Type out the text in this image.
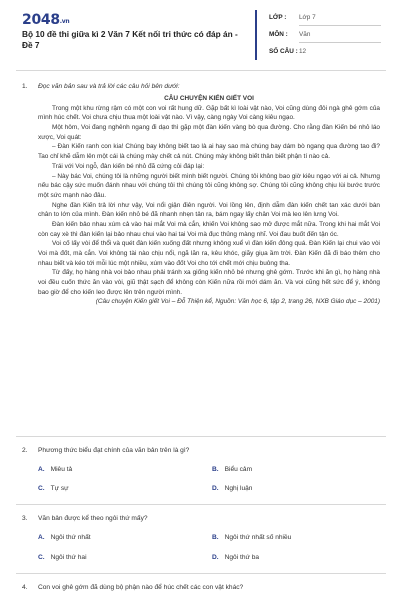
2048.vn
Bộ 10 đề thi giữa kì 2 Văn 7 Kết nối tri thức có đáp án - Đề 7
LỚP : Lớp 7
MÔN : Văn
SỐ CÂU : 12
1. Đọc văn bản sau và trả lời các câu hỏi bên dưới:
CÂU CHUYỆN KIẾN GIẾT VOI

Trong một khu rừng rậm có một con voi rất hung dữ. Gặp bất kì loài vật nào, Voi cũng dùng đôi ngà ghê gớm của mình húc chết. Voi chưa chịu thua một loài vật nào. Vì vậy, càng ngày Voi càng kiêu ngạo.

Một hôm, Voi đang nghênh ngang đi dạo thì gặp một đàn kiến vàng bò qua đường. Cho rằng đàn Kiến bé nhỏ láo xược, Voi quát:

– Đàn Kiến ranh con kia! Chúng bay không biết tao là ai hay sao mà chúng bay dám bò ngang qua đường tao đi? Tao chỉ khẽ dẫm lên một cái là chúng mày chết cả nút. Chúng mày không biết thân biết phận tí nào cả.

Trái với Voi ngỗ, đàn kiến bé nhỏ đã cứng cỏi đáp lại:

– Này bác Voi, chúng tôi là những người biết mình biết người. Chúng tôi không bao giờ kiêu ngạo với ai cả. Nhưng nếu bác cậy sức muốn đánh nhau với chúng tôi thì chúng tôi cũng không sợ. Chúng tôi cũng không chịu lùi bước trước một sức mạnh nào đâu.

Nghe đàn Kiến trả lời như vậy, Voi nổi giận điên người. Voi lồng lên, định dẫm đàn kiến chết tan xác dưới bàn chân to lớn của mình. Đàn kiến nhỏ bé đã nhanh nhẹn tản ra, bám ngay lấy chân Voi mà leo lên lưng Voi.

Đàn kiến bảo nhau xúm cả vào hai mắt Voi mà cắn, khiến Voi không sao mở được mắt nữa. Trong khi hai mắt Voi còn cay xè thì đàn kiến lại bảo nhau chui vào hai tai Voi mà đục thủng màng nhĩ. Voi đau buốt đến tận óc.

Voi cố lấy vòi để thổi và quét đàn kiến xuống đất nhưng không xuể vì đàn kiến đông quá. Đàn Kiến lại chui vào vòi Voi mà đốt, mà cắn. Voi không tài nào chịu nổi, ngã lăn ra, kêu khóc, giãy giụa ầm trời. Đàn Kiến đã đi báo thêm cho nhau biết và kéo tới mỗi lúc một nhiều, xúm vào đốt Voi cho tới chết mới chịu buông tha.

Từ đấy, họ hàng nhà voi bảo nhau phải tránh xa giống kiến nhỏ bé nhưng ghê gớm. Trước khi ăn gì, họ hàng nhà voi đều cuốn thức ăn vào vòi, giũ thật sạch để không còn Kiến nữa rồi mới dám ăn. Và voi cũng hết sức để ý, không bao giờ để cho kiến leo được lên trên người mình.

(Câu chuyện Kiến giết Voi – Đỗ Thiện kể, Nguồn: Văn học 6, tập 2, trang 26, NXB Giáo dục – 2001)

2. Phương thức biểu đạt chính của văn bản trên là gì?
A. Miêu tả	B. Biểu cảm
C. Tự sự	D. Nghị luận
3. Văn bản được kể theo ngôi thứ mấy?
A. Ngôi thứ nhất	B. Ngôi thứ nhất số nhiều
C. Ngôi thứ hai	D. Ngôi thứ ba
4. Con voi ghê gớm đã dùng bộ phận nào để húc chết các con vật khác?
